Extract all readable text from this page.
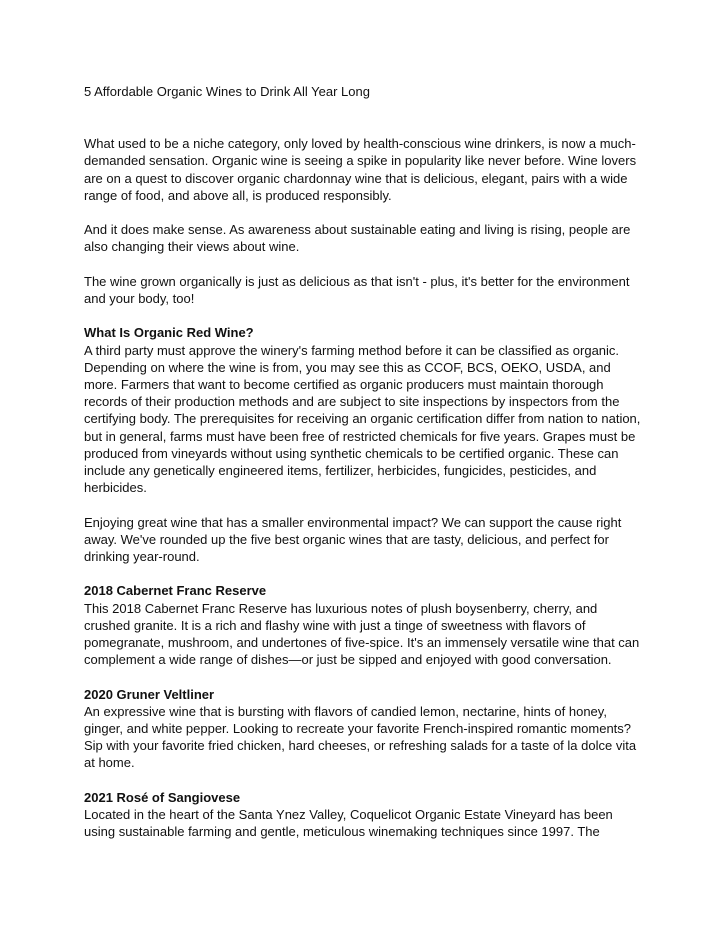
5 Affordable Organic Wines to Drink All Year Long

What used to be a niche category, only loved by health-conscious wine drinkers, is now a much-demanded sensation. Organic wine is seeing a spike in popularity like never before. Wine lovers are on a quest to discover organic chardonnay wine that is delicious, elegant, pairs with a wide range of food, and above all, is produced responsibly.

And it does make sense. As awareness about sustainable eating and living is rising, people are also changing their views about wine.

The wine grown organically is just as delicious as that isn't - plus, it's better for the environment and your body, too!

What Is Organic Red Wine?
A third party must approve the winery's farming method before it can be classified as organic. Depending on where the wine is from, you may see this as CCOF, BCS, OEKO, USDA, and more. Farmers that want to become certified as organic producers must maintain thorough records of their production methods and are subject to site inspections by inspectors from the certifying body. The prerequisites for receiving an organic certification differ from nation to nation, but in general, farms must have been free of restricted chemicals for five years. Grapes must be produced from vineyards without using synthetic chemicals to be certified organic. These can include any genetically engineered items, fertilizer, herbicides, fungicides, pesticides, and herbicides.
Enjoying great wine that has a smaller environmental impact? We can support the cause right away. We've rounded up the five best organic wines that are tasty, delicious, and perfect for drinking year-round.
2018 Cabernet Franc Reserve
This 2018 Cabernet Franc Reserve has luxurious notes of plush boysenberry, cherry, and crushed granite. It is a rich and flashy wine with just a tinge of sweetness with flavors of pomegranate, mushroom, and undertones of five-spice. It's an immensely versatile wine that can complement a wide range of dishes—or just be sipped and enjoyed with good conversation.
2020 Gruner Veltliner
An expressive wine that is bursting with flavors of candied lemon, nectarine, hints of honey, ginger, and white pepper. Looking to recreate your favorite French-inspired romantic moments? Sip with your favorite fried chicken, hard cheeses, or refreshing salads for a taste of la dolce vita at home.
2021 Rosé of Sangiovese
Located in the heart of the Santa Ynez Valley, Coquelicot Organic Estate Vineyard has been using sustainable farming and gentle, meticulous winemaking techniques since 1997. The
